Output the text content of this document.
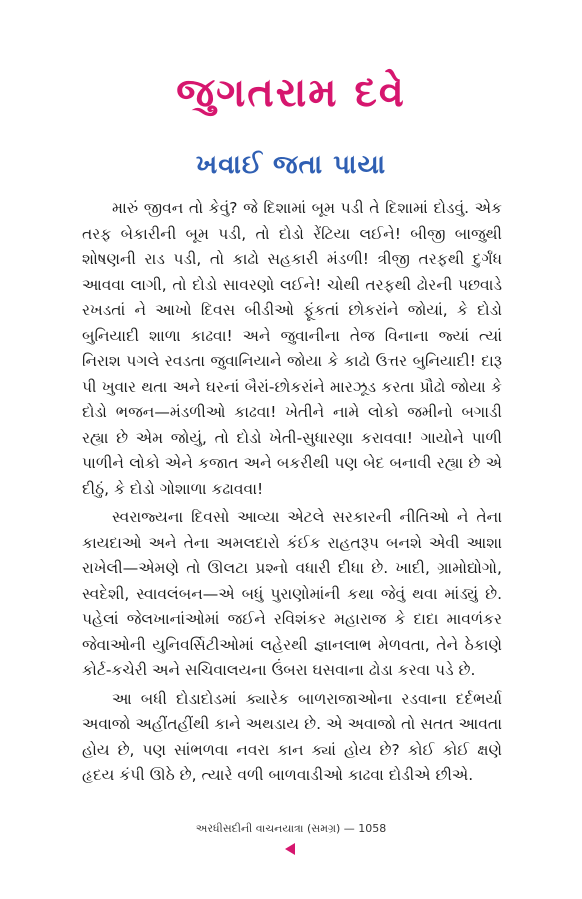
જુગતરામ દવે
ખવાઈ જતા પાયા

મારું જીવન તો કેવું? જે દિશામાં બૂમ પડી તે દિશામાં દોડવું. એક તરફ બેકારીની બૂમ પડી, તો દોડો રેંટિયા લઈને! બીજી બાજુથી શોષણની રાડ પડી, તો કાઢો સહકારી મંડળી! ત્રીજી તરફથી દુર્ગંધ આવવા લાગી, તો દોડો સાવરણો લઈને! ચોથી તરફથી ઢોરની પછવાડે રખડતાં ને આખો દિવસ બીડીઓ ફૂંકતાં છોકરાંને જોયાં, કે દોડો બુનિયાદી શાળા કાઢવા! અને જુવાનીના તેજ વિનાના જ્યાં ત્યાં નિરાશ પગલે રવડતા જુવાનિયાને જોયા કે કાઢો ઉત્તર બુનિયાદી! દારૂ પી ખુવાર થતા અને ઘરનાં બૈરાં-છોકરાંને મારઝૂડ કરતા પ્રૌઢો જોયા કે દોડો ભજન—મંડળીઓ કાઢવા! ખેતીને નામે લોકો જમીનો બગાડી રહ્યા છે એમ જોયું, તો દોડો ખેતી-સુધારણા કરાવવા! ગાયોને પાળી પાળીને લોકો એને કજાત અને બકરીથી પણ બેદ બનાવી રહ્યા છે એ દીઠું, કે દોડો ગોશાળા કઢાવવા!

સ્વરાજ્યના દિવસો આવ્યા એટલે સરકારની નીતિઓ ને તેના કાયદાઓ અને તેના અમલદારો કંઈક રાહતરૂપ બનશે એવી આશા રાખેલી—એમણે તો ઊલટા પ્રશ્નો વધારી દીધા છે. ખાદી, ગ્રામોદ્યોગો, સ્વદેશી, સ્વાવલંબન—એ બધું પુરાણોમાંની કથા જેવું થવા માંડ્યું છે. પહેલાં જેલખાનાંઓમાં જઈને રવિશંકર મહારાજ કે દાદા માવળંકર જેવાઓની યુનિવર્સિટીઓમાં લહેરથી જ્ઞાનલાભ મેળવતા, તેને ઠેકાણે કોર્ટ-કચેરી અને સચિવાલયના ઉંબરા ઘસવાના ઢોડા કરવા પડે છે.

આ બધી દોડાદોડમાં ક્યારેક બાળરાજાઓના રડવાના દર્દભર્યા અવાજો અહીંતહીંથી કાને અથડાય છે. એ અવાજો તો સતત આવતા હોય છે, પણ સાંભળવા નવરા કાન ક્યાં હોય છે? કોઈ કોઈ ક્ષણે હૃદય કંપી ઊઠે છે, ત્યારે વળી બાળવાડીઓ કાઢવા દોડીએ છીએ.

અરધીસદીની વાચનયાત્રા (સમગ્ર) — 1058
